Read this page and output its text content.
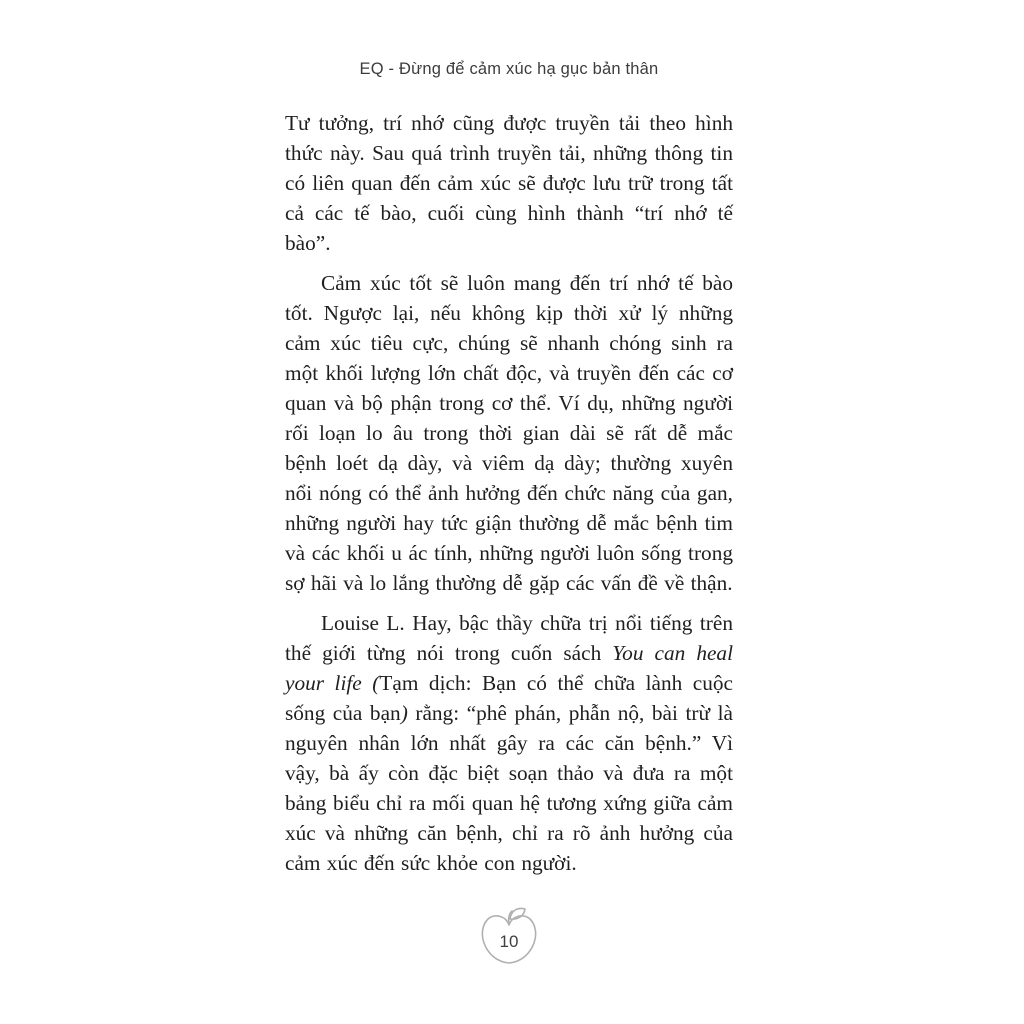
EQ - Đừng để cảm xúc hạ gục bản thân

Tư tưởng, trí nhớ cũng được truyền tải theo hình thức này. Sau quá trình truyền tải, những thông tin có liên quan đến cảm xúc sẽ được lưu trữ trong tất cả các tế bào, cuối cùng hình thành “trí nhớ tế bào”.

Cảm xúc tốt sẽ luôn mang đến trí nhớ tế bào tốt. Ngược lại, nếu không kịp thời xử lý những cảm xúc tiêu cực, chúng sẽ nhanh chóng sinh ra một khối lượng lớn chất độc, và truyền đến các cơ quan và bộ phận trong cơ thể. Ví dụ, những người rối loạn lo âu trong thời gian dài sẽ rất dễ mắc bệnh loét dạ dày, và viêm dạ dày; thường xuyên nổi nóng có thể ảnh hưởng đến chức năng của gan, những người hay tức giận thường dễ mắc bệnh tim và các khối u ác tính, những người luôn sống trong sợ hãi và lo lắng thường dễ gặp các vấn đề về thận.

Louise L. Hay, bậc thầy chữa trị nổi tiếng trên thế giới từng nói trong cuốn sách You can heal your life (Tạm dịch: Bạn có thể chữa lành cuộc sống của bạn) rằng: “phê phán, phẫn nộ, bài trừ là nguyên nhân lớn nhất gây ra các căn bệnh.” Vì vậy, bà ấy còn đặc biệt soạn thảo và đưa ra một bảng biểu chỉ ra mối quan hệ tương xứng giữa cảm xúc và những căn bệnh, chỉ ra rõ ảnh hưởng của cảm xúc đến sức khỏe con người.

10
